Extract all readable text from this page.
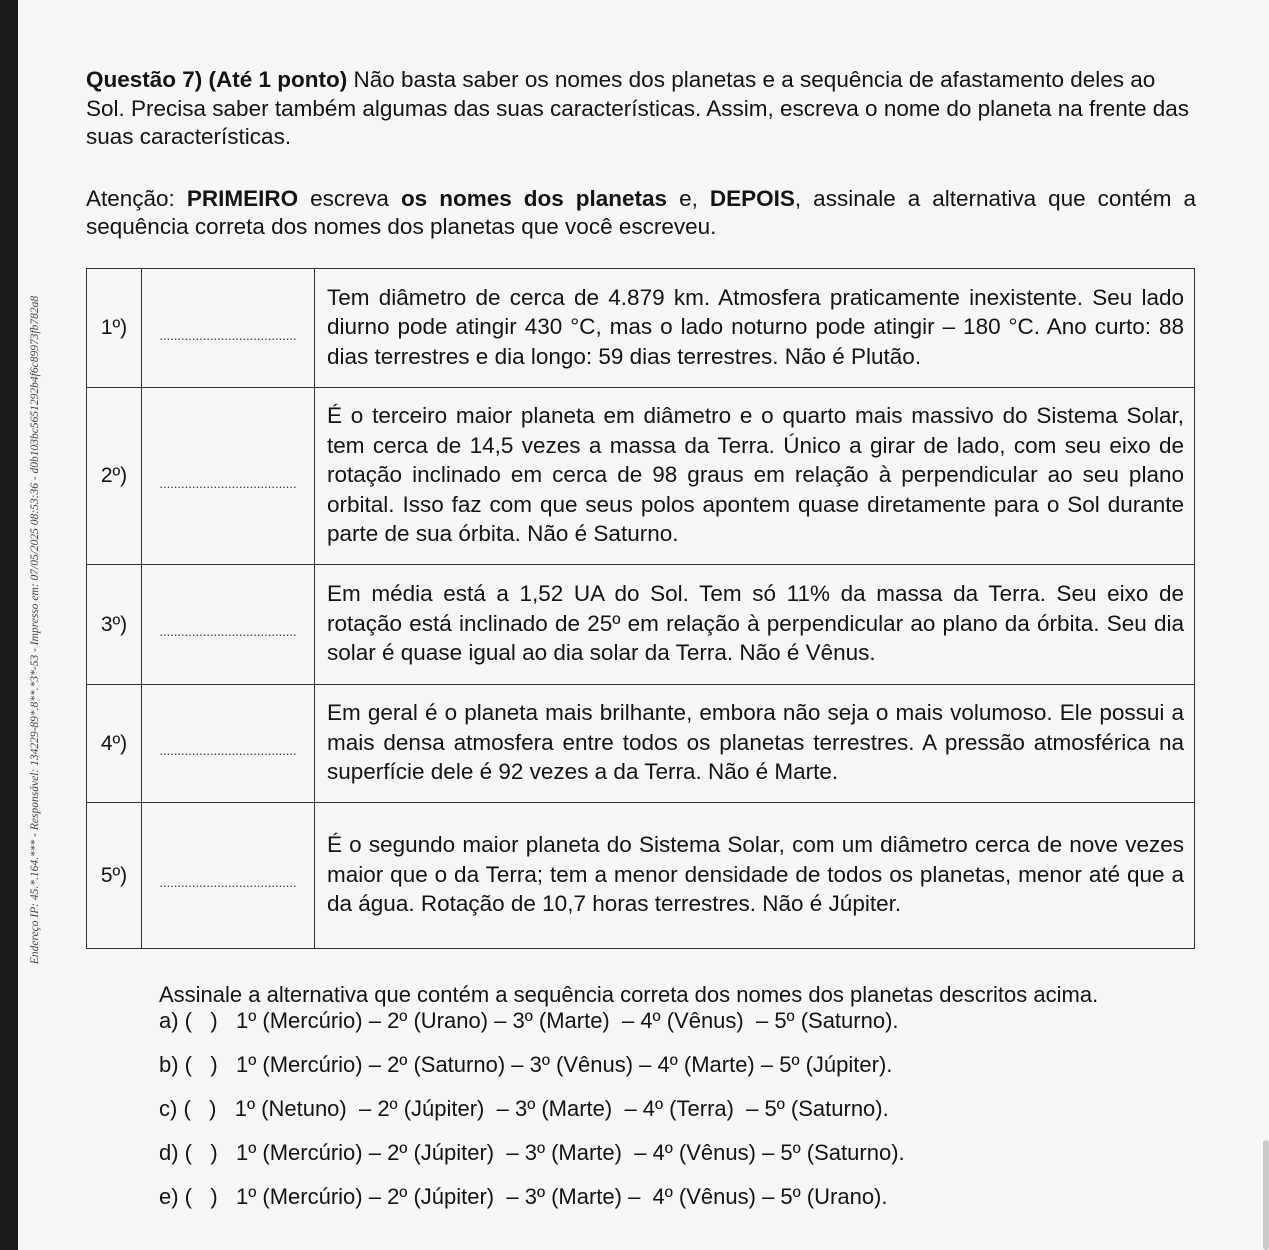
Endereço IP: 45.*.164.*** - Responsável: 134229-89*.8**.*3*-53 - Impresso em: 07/05/2025 08:53:36 - d0b103bc5651292b4f6c89973fb782a8

Questão 7) (Até 1 ponto) Não basta saber os nomes dos planetas e a sequência de afastamento deles ao Sol. Precisa saber também algumas das suas características. Assim, escreva o nome do planeta na frente das suas características.

Atenção: PRIMEIRO escreva os nomes dos planetas e, DEPOIS, assinale a alternativa que contém a sequência correta dos nomes dos planetas que você escreveu.

1º)	......................................	Tem diâmetro de cerca de 4.879 km. Atmosfera praticamente inexistente. Seu lado diurno pode atingir 430 °C, mas o lado noturno pode atingir – 180 °C. Ano curto: 88 dias terrestres e dia longo: 59 dias terrestres. Não é Plutão.
2º)	......................................	É o terceiro maior planeta em diâmetro e o quarto mais massivo do Sistema Solar, tem cerca de 14,5 vezes a massa da Terra. Único a girar de lado, com seu eixo de rotação inclinado em cerca de 98 graus em relação à perpendicular ao seu plano orbital. Isso faz com que seus polos apontem quase diretamente para o Sol durante parte de sua órbita. Não é Saturno.
3º)	......................................	Em média está a 1,52 UA do Sol. Tem só 11% da massa da Terra. Seu eixo de rotação está inclinado de 25º em relação à perpendicular ao plano da órbita. Seu dia solar é quase igual ao dia solar da Terra. Não é Vênus.
4º)	......................................	Em geral é o planeta mais brilhante, embora não seja o mais volumoso. Ele possui a mais densa atmosfera entre todos os planetas terrestres. A pressão atmosférica na superfície dele é 92 vezes a da Terra. Não é Marte.
5º)	......................................	É o segundo maior planeta do Sistema Solar, com um diâmetro cerca de nove vezes maior que o da Terra; tem a menor densidade de todos os planetas, menor até que a da água. Rotação de 10,7 horas terrestres. Não é Júpiter.

Assinale a alternativa que contém a sequência correta dos nomes dos planetas descritos acima.

a) (   )   1º (Mercúrio) – 2º (Urano) – 3º (Marte)  – 4º (Vênus)  – 5º (Saturno).

b) (   )   1º (Mercúrio) – 2º (Saturno) – 3º (Vênus) – 4º (Marte) – 5º (Júpiter).

c) (   )   1º (Netuno)  – 2º (Júpiter)  – 3º (Marte)  – 4º (Terra)  – 5º (Saturno).

d) (   )   1º (Mercúrio) – 2º (Júpiter)  – 3º (Marte)  – 4º (Vênus) – 5º (Saturno).

e) (   )   1º (Mercúrio) – 2º (Júpiter)  – 3º (Marte) –  4º (Vênus) – 5º (Urano).
